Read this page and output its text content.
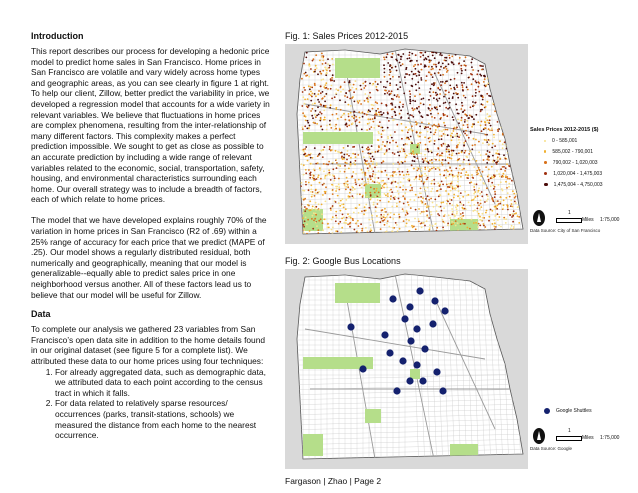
Introduction

This report describes our process for developing a hedonic price model to predict home sales in San Francisco. Home prices in San Francisco are volatile and vary widely across home types and geographic areas, as you can see clearly in figure 1 at right. To help our client, Zillow, better predict the variability in price, we developed a regression model that accounts for a wide variety in relevant variables. We believe that fluctuations in home prices are complex phenomena, resulting from the inter-relationship of many different factors. This complexity makes a perfect prediction impossible. We sought to get as close as possible to an accurate prediction by including a wide range of relevant variables related to the economic, social, transportation, safety, housing, and environmental characteristics surrounding each home. Our overall strategy was to include a breadth of factors, each of which relate to home prices.

The model that we have developed explains roughly 70% of the variation in home prices in San Francisco (R2 of .69) within a 25% range of accuracy for each price that we predict (MAPE of .25). Our model shows a regularly distributed residual, both numerically and geographically, meaning that our model is generalizable--equally able to predict sales price in one neighborhood versus another. All of these factors lead us to believe that our model will be useful for Zillow.

Data

To complete our analysis we gathered 23 variables from San Francisco’s open data site in addition to the home details found in our original dataset (see figure 5 for a complete list). We attributed these data to our home prices using four techniques:

1. For already aggregated data, such as demographic data, we attributed data to each point according to the census tract in which it falls.
2. For data related to relatively sparse resources/ occurrences (parks, transit-stations, schools) we measured the distance from each home to the nearest occurrence.
Fig. 1: Sales Prices 2012-2015
Sales Prices 2012-2015 ($)
0 - 585,001
585,002 - 790,001
790,002 - 1,020,003
1,020,004 - 1,475,003
1,475,004 - 4,750,003
1
Miles 1:75,000
Data Source: City of San Francisco
Fig. 2: Google Bus Locations
Google Shuttles
1
Miles 1:75,000
Data Source: Google
Fargason | Zhao | Page 2
